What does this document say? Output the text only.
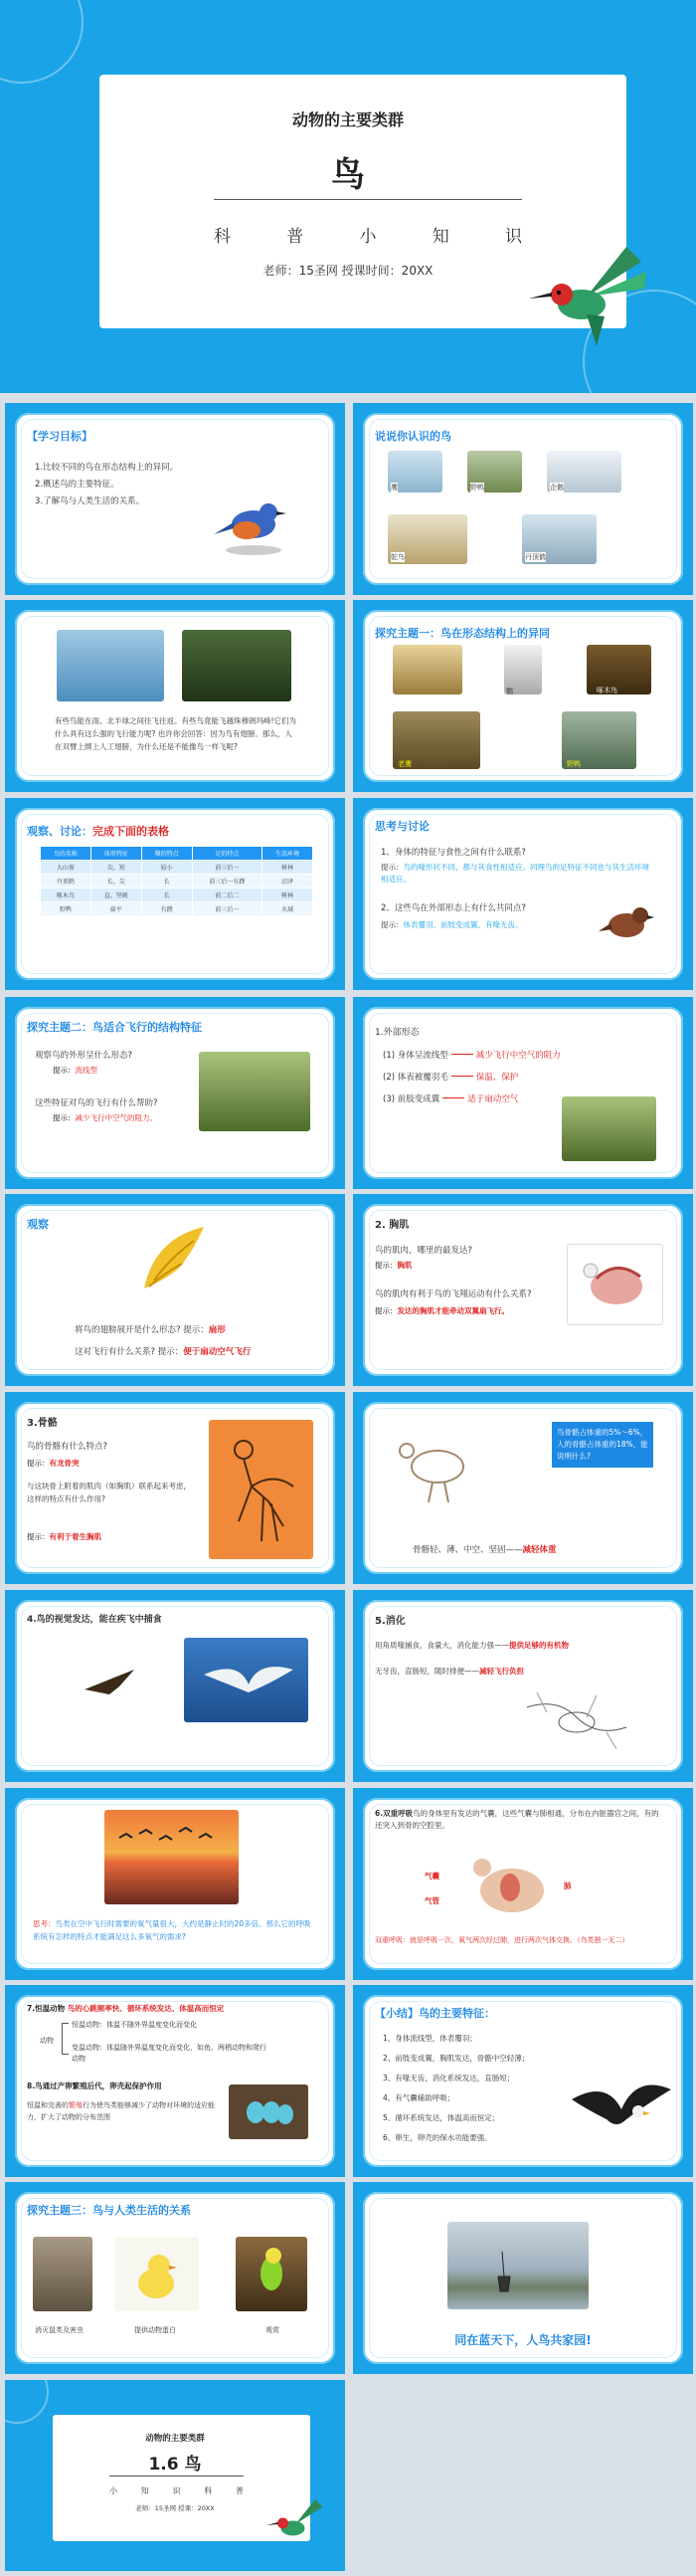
动物的主要类群
鸟
科	普	小	知	识
老师：15圣网 授课时间：20XX
【学习目标】
1.比较不同的鸟在形态结构上的异同。
2.概述鸟的主要特征。
3.了解鸟与人类生活的关系。
说说你认识的鸟
鹰	野鸭	企鹅
鸵鸟	丹顶鹤
有些鸟能在雨、北半球之间往飞往返。有些鸟竟能飞越珠穆朗玛峰!它们为什么具有这么强的飞行能力呢? 也许你会回答：因为鸟有翅膀。那么，人在双臂上绑上人工翅膀，为什么还是不能像鸟一样飞呢?
探究主题一：鸟在形态结构上的异同
鹦	啄木鸟
老鹰	野鸭
观察、讨论：完成下面的表格
鸟的名称	体形特征	喙的特点	足的特点	生活环境
大山雀	尖、短	较小	前三后一	树林
丹顶鹤	长、尖	长	前三后一有蹼	沼泽
啄木鸟	直、坚硬	长	前二后二	树林
野鸭	扁平	有蹼	前三后一	水域
思考与讨论
1、身体的特征与食性之间有什么联系?
提示：鸟的喙形状不同，都与其食性相适应。同理鸟的足特征不同也与其生活环境相适应。
2、这些鸟在外部形态上有什么共同点?
提示：体表覆羽、前肢变成翼、有喙无齿。
探究主题二：鸟适合飞行的结构特征
观察鸟的外形呈什么形态?
提示：流线型
这些特征对鸟的飞行有什么帮助?
提示：减少飞行中空气的阻力。
1.外部形态
(1) 身体呈流线型	减少飞行中空气的阻力
(2) 体表被覆羽毛	保温、保护
(3) 前肢变成翼	适于扇动空气
观察
将鸟的翅膀展开是什么形态? 提示：扇形
这对飞行有什么关系? 提示：便于扇动空气飞行
2. 胸肌
鸟的肌肉，哪里的最发达?
提示：胸肌
鸟的肌肉有利于鸟的飞翔运动有什么关系?
提示：发达的胸肌才能牵动双翼扇飞行。
3.骨骼
鸟的骨骼有什么特点?
提示：有龙骨突
与这块骨上附着的肌肉（如胸肌）联系起来考虑，这样的特点有什么作用?
提示：有利于着生胸肌
鸟骨骼占体重的5%～6%，人的骨骼占体重的18%，能说明什么?
骨骼轻、薄、中空、坚固——减轻体重
4.鸟的视觉发达，能在疾飞中捕食	5.消化
用角质喙捕食，食量大，消化能力强——提供足够的有机物
无牙齿，直肠短，随时排便——减轻飞行负担
思考：鸟类在空中飞行时需要的氧气量很大，大约是静止时的20多倍。那么它的呼吸系统有怎样的特点才能满足这么多氧气的需求?
6.双重呼吸鸟的身体里有发达的气囊，这些气囊与肺相通，分布在内脏器官之间，有的还突入到骨的空腔里。
气囊
肺
气管
双重呼吸：就是呼吸一次，氧气两次经过肺，进行两次气体交换。（鸟类独一无二）
7.恒温动物 鸟的心跳频率快、循环系统发达、体温高而恒定
动物
恒温动物：体温不随外界温度变化而变化
变温动物：体温随外界温度变化而变化，如鱼、两栖动物和爬行动物
8.鸟通过产卵繁殖后代，卵壳起保护作用
恒温和完善的繁殖行为使鸟类能够减少了动物对环境的适应能力，扩大了动物的分布范围
【小结】鸟的主要特征：
1、身体流线型，体表覆羽；
2、前肢变成翼，胸肌发达，骨骼中空轻薄；
3、有喙无齿，消化系统发达，直肠短；
4、有气囊辅助呼吸；
5、循环系统发达，体温高而恒定；
6、卵生，卵壳的保水功能要强。
探究主题三：鸟与人类生活的关系
消灭鼠类及害虫	提供动物蛋白	观赏
同在蓝天下，人鸟共家园!
动物的主要类群
1.6 鸟
小	知	识	科	普
老师：15圣网 授课：20XX
